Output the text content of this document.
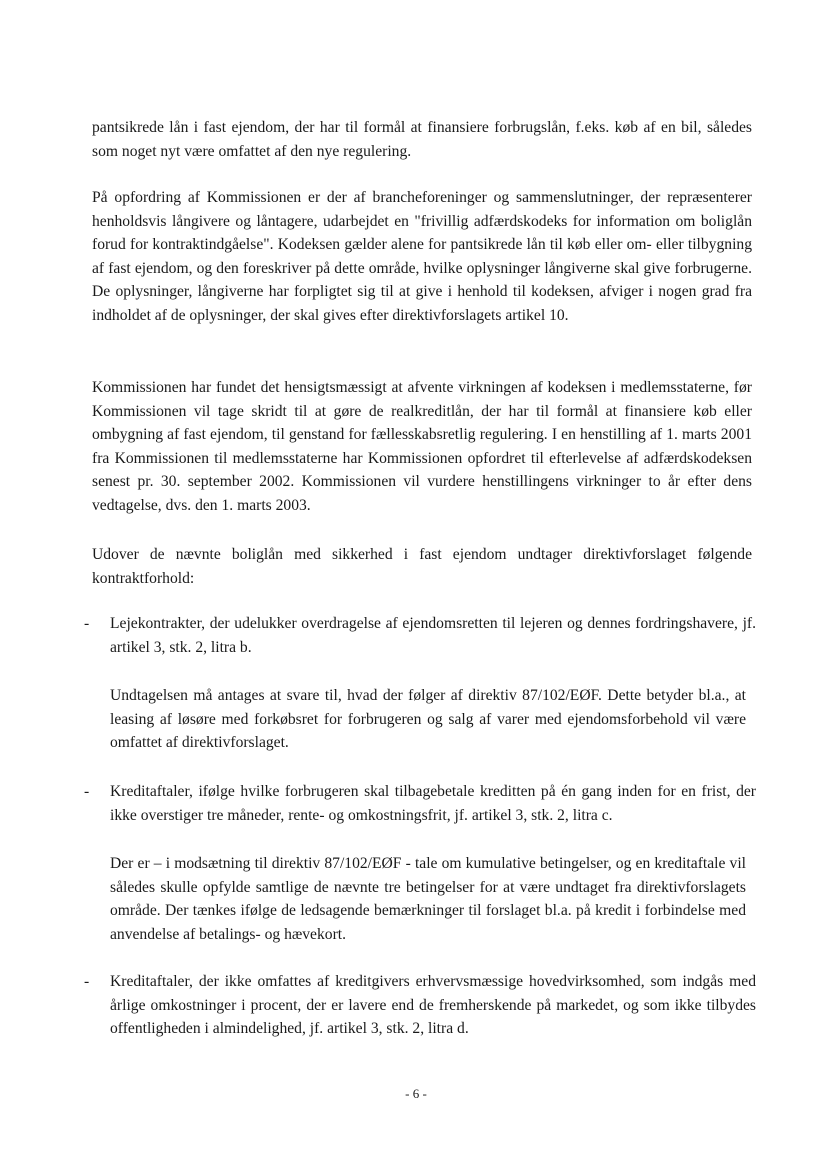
pantsikrede lån i fast ejendom, der har til formål at finansiere forbrugslån, f.eks. køb af en bil, således som noget nyt være omfattet af den nye regulering.

På opfordring af Kommissionen er der af brancheforeninger og sammenslutninger, der repræsenterer henholdsvis långivere og låntagere, udarbejdet en "frivillig adfærdskodeks for information om boliglån forud for kontraktindgåelse". Kodeksen gælder alene for pantsikrede lån til køb eller om- eller tilbygning af fast ejendom, og den foreskriver på dette område, hvilke oplysninger långiverne skal give forbrugerne. De oplysninger, långiverne har forpligtet sig til at give i henhold til kodeksen, afviger i nogen grad fra indholdet af de oplysninger, der skal gives efter direktivforslagets artikel 10.

Kommissionen har fundet det hensigtsmæssigt at afvente virkningen af kodeksen i medlemsstaterne, før Kommissionen vil tage skridt til at gøre de realkreditlån, der har til formål at finansiere køb eller ombygning af fast ejendom, til genstand for fællesskabsretlig regulering. I en henstilling af 1. marts 2001 fra Kommissionen til medlemsstaterne har Kommissionen opfordret til efterlevelse af adfærdskodeksen senest pr. 30. september 2002. Kommissionen vil vurdere henstillingens virkninger to år efter dens vedtagelse, dvs. den 1. marts 2003.

Udover de nævnte boliglån med sikkerhed i fast ejendom undtager direktivforslaget følgende kontraktforhold:

-	Lejekontrakter, der udelukker overdragelse af ejendomsretten til lejeren og dennes fordringshavere, jf. artikel 3, stk. 2, litra b.

Undtagelsen må antages at svare til, hvad der følger af direktiv 87/102/EØF. Dette betyder bl.a., at leasing af løsøre med forkøbsret for forbrugeren og salg af varer med ejendomsforbehold vil være omfattet af direktivforslaget.

-	Kreditaftaler, ifølge hvilke forbrugeren skal tilbagebetale kreditten på én gang inden for en frist, der ikke overstiger tre måneder, rente- og omkostningsfrit, jf. artikel 3, stk. 2, litra c.

Der er – i modsætning til direktiv 87/102/EØF - tale om kumulative betingelser, og en kreditaftale vil således skulle opfylde samtlige de nævnte tre betingelser for at være undtaget fra direktivforslagets område. Der tænkes ifølge de ledsagende bemærkninger til forslaget bl.a. på kredit i forbindelse med anvendelse af betalings- og hævekort.

-	Kreditaftaler, der ikke omfattes af kreditgivers erhvervsmæssige hovedvirksomhed, som indgås med årlige omkostninger i procent, der er lavere end de fremherskende på markedet, og som ikke tilbydes offentligheden i almindelighed, jf. artikel 3, stk. 2, litra d.
- 6 -
